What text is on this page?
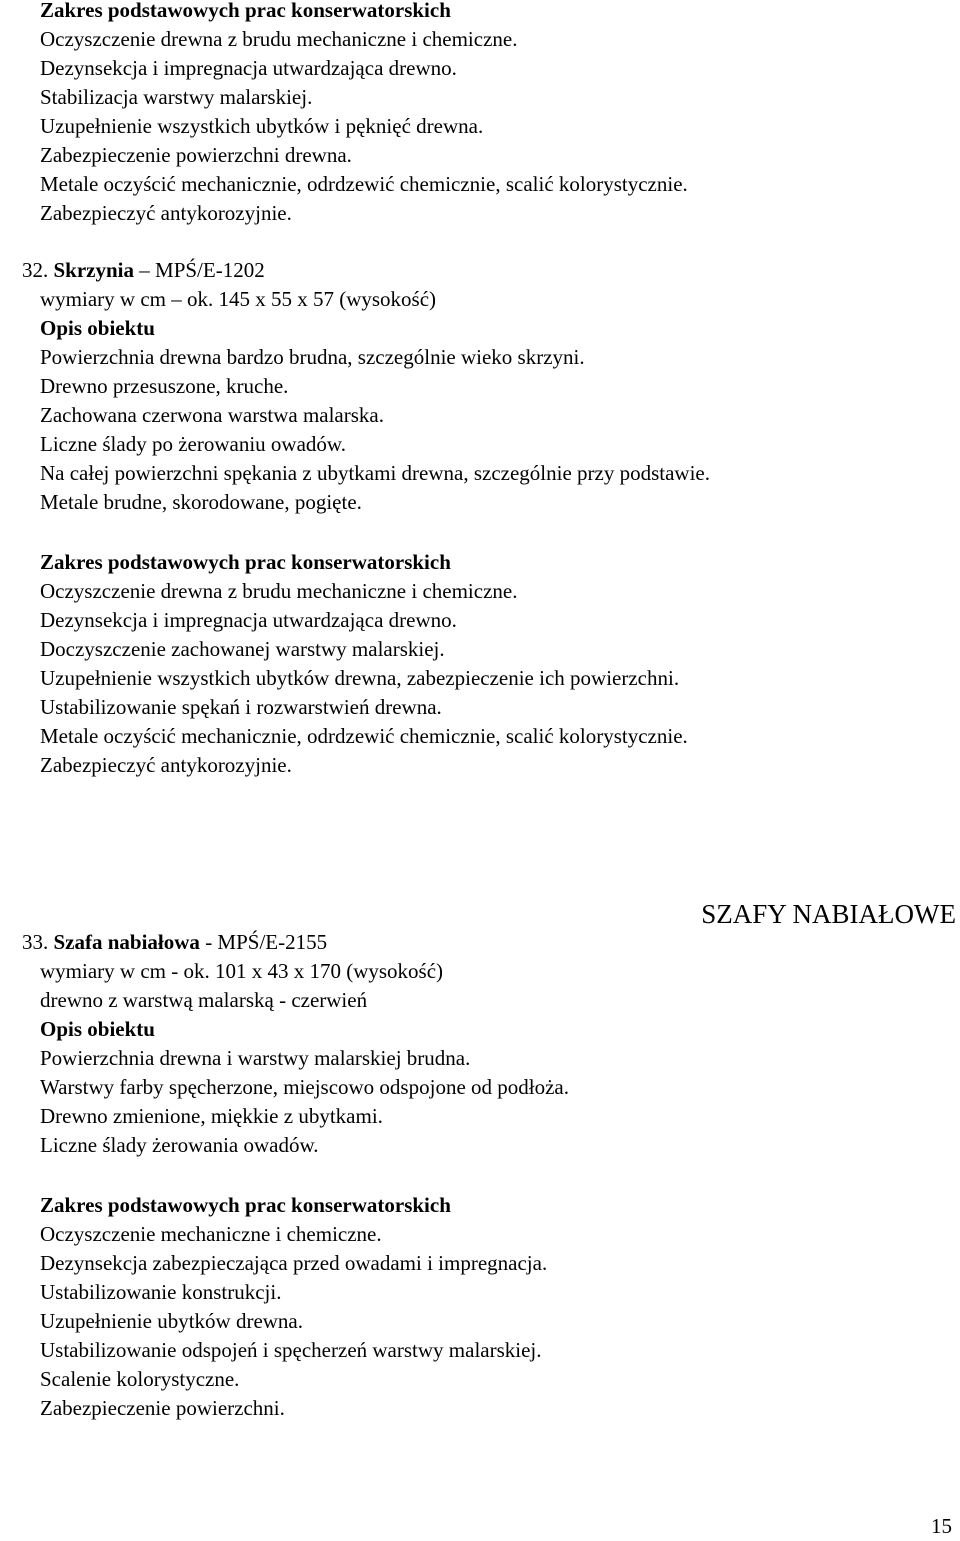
Zakres podstawowych prac konserwatorskich
Oczyszczenie drewna z brudu mechaniczne i chemiczne.
Dezynsekcja i impregnacja utwardzająca drewno.
Stabilizacja warstwy malarskiej.
Uzupełnienie wszystkich ubytków i pęknięć drewna.
Zabezpieczenie powierzchni drewna.
Metale oczyścić mechanicznie, odrdzewić chemicznie, scalić kolorystycznie.
Zabezpieczyć antykorozyjnie.
32. Skrzynia – MPŚ/E-1202
wymiary w cm – ok. 145 x 55 x 57 (wysokość)
Opis obiektu
Powierzchnia drewna bardzo brudna, szczególnie wieko skrzyni.
Drewno przesuszone, kruche.
Zachowana czerwona warstwa malarska.
Liczne ślady po żerowaniu owadów.
Na całej powierzchni spękania z ubytkami drewna, szczególnie przy podstawie.
Metale brudne, skorodowane, pogięte.
Zakres podstawowych prac konserwatorskich
Oczyszczenie drewna z brudu mechaniczne i chemiczne.
Dezynsekcja i impregnacja utwardzająca drewno.
Doczyszczenie zachowanej warstwy malarskiej.
Uzupełnienie wszystkich ubytków drewna, zabezpieczenie ich powierzchni.
Ustabilizowanie spękań i rozwarstwień drewna.
Metale oczyścić mechanicznie, odrdzewić chemicznie, scalić kolorystycznie.
Zabezpieczyć antykorozyjnie.
SZAFY NABIAŁOWE
33. Szafa nabiałowa - MPŚ/E-2155
wymiary w cm - ok. 101 x 43 x 170 (wysokość)
drewno z warstwą malarską - czerwień
Opis obiektu
Powierzchnia drewna i warstwy malarskiej brudna.
Warstwy farby spęcherzone, miejscowo odspojone od podłoża.
Drewno zmienione, miękkie z ubytkami.
Liczne ślady żerowania owadów.
Zakres podstawowych prac konserwatorskich
Oczyszczenie mechaniczne i chemiczne.
Dezynsekcja zabezpieczająca przed owadami i impregnacja.
Ustabilizowanie konstrukcji.
Uzupełnienie ubytków drewna.
Ustabilizowanie odspojeń i spęcherzeń warstwy malarskiej.
Scalenie kolorystyczne.
Zabezpieczenie powierzchni.
15
